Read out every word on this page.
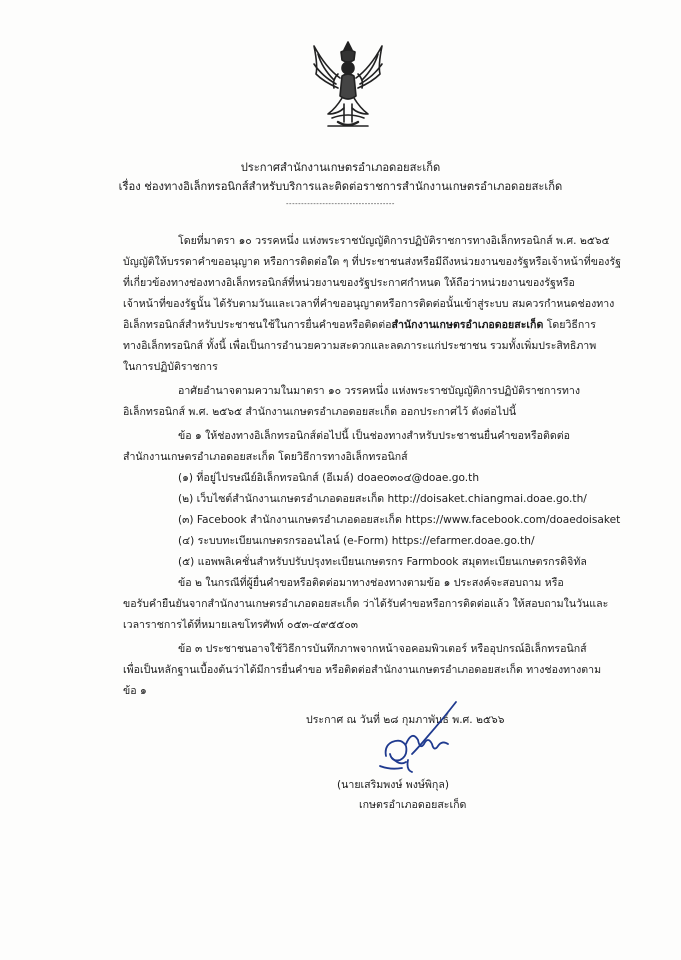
ประกาศสำนักงานเกษตรอำเภอดอยสะเก็ด
เรื่อง ช่องทางอิเล็กทรอนิกส์สำหรับบริการและติดต่อราชการสำนักงานเกษตรอำเภอดอยสะเก็ด
------------------------------------
โดยที่มาตรา ๑๐ วรรคหนึ่ง แห่งพระราชบัญญัติการปฏิบัติราชการทางอิเล็กทรอนิกส์ พ.ศ. ๒๕๖๕
บัญญัติให้บรรดาคำขออนุญาต หรือการติดต่อใด ๆ ที่ประชาชนส่งหรือมีถึงหน่วยงานของรัฐหรือเจ้าหน้าที่ของรัฐ
ที่เกี่ยวข้องทางช่องทางอิเล็กทรอนิกส์ที่หน่วยงานของรัฐประกาศกำหนด ให้ถือว่าหน่วยงานของรัฐหรือ
เจ้าหน้าที่ของรัฐนั้น ได้รับตามวันและเวลาที่คำขออนุญาตหรือการติดต่อนั้นเข้าสู่ระบบ สมควรกำหนดช่องทาง
อิเล็กทรอนิกส์สำหรับประชาชนใช้ในการยื่นคำขอหรือติดต่อสำนักงานเกษตรอำเภอดอยสะเก็ด โดยวิธีการ
ทางอิเล็กทรอนิกส์ ทั้งนี้ เพื่อเป็นการอำนวยความสะดวกและลดภาระแก่ประชาชน รวมทั้งเพิ่มประสิทธิภาพ
ในการปฏิบัติราชการ
อาศัยอำนาจตามความในมาตรา ๑๐ วรรคหนึ่ง แห่งพระราชบัญญัติการปฏิบัติราชการทาง
อิเล็กทรอนิกส์ พ.ศ. ๒๕๖๕ สำนักงานเกษตรอำเภอดอยสะเก็ด ออกประกาศไว้ ดังต่อไปนี้
ข้อ ๑ ให้ช่องทางอิเล็กทรอนิกส์ต่อไปนี้ เป็นช่องทางสำหรับประชาชนยื่นคำขอหรือติดต่อ
สำนักงานเกษตรอำเภอดอยสะเก็ด โดยวิธีการทางอิเล็กทรอนิกส์
(๑) ที่อยู่ไปรษณีย์อิเล็กทรอนิกส์ (อีเมล์) doaeo๓๐๔@doae.go.th
(๒) เว็บไซต์สำนักงานเกษตรอำเภอดอยสะเก็ด http://doisaket.chiangmai.doae.go.th/
(๓) Facebook สำนักงานเกษตรอำเภอดอยสะเก็ด https://www.facebook.com/doaedoisaket
(๔) ระบบทะเบียนเกษตรกรออนไลน์ (e-Form) https://efarmer.doae.go.th/
(๕) แอพพลิเคชั่นสำหรับปรับปรุงทะเบียนเกษตรกร Farmbook สมุดทะเบียนเกษตรกรดิจิทัล
ข้อ ๒ ในกรณีที่ผู้ยื่นคำขอหรือติดต่อมาทางช่องทางตามข้อ ๑ ประสงค์จะสอบถาม หรือ
ขอรับคำยืนยันจากสำนักงานเกษตรอำเภอดอยสะเก็ด ว่าได้รับคำขอหรือการติดต่อแล้ว ให้สอบถามในวันและ
เวลาราชการได้ที่หมายเลขโทรศัพท์ ๐๕๓-๔๙๕๕๐๓
ข้อ ๓ ประชาชนอาจใช้วิธีการบันทึกภาพจากหน้าจอคอมพิวเตอร์ หรืออุปกรณ์อิเล็กทรอนิกส์
เพื่อเป็นหลักฐานเบื้องต้นว่าได้มีการยื่นคำขอ หรือติดต่อสำนักงานเกษตรอำเภอดอยสะเก็ด ทางช่องทางตาม
ข้อ ๑
ประกาศ ณ วันที่ ๒๘ กุมภาพันธ์ พ.ศ. ๒๕๖๖
(นายเสริมพงษ์ พงษ์พิกุล)
เกษตรอำเภอดอยสะเก็ด
